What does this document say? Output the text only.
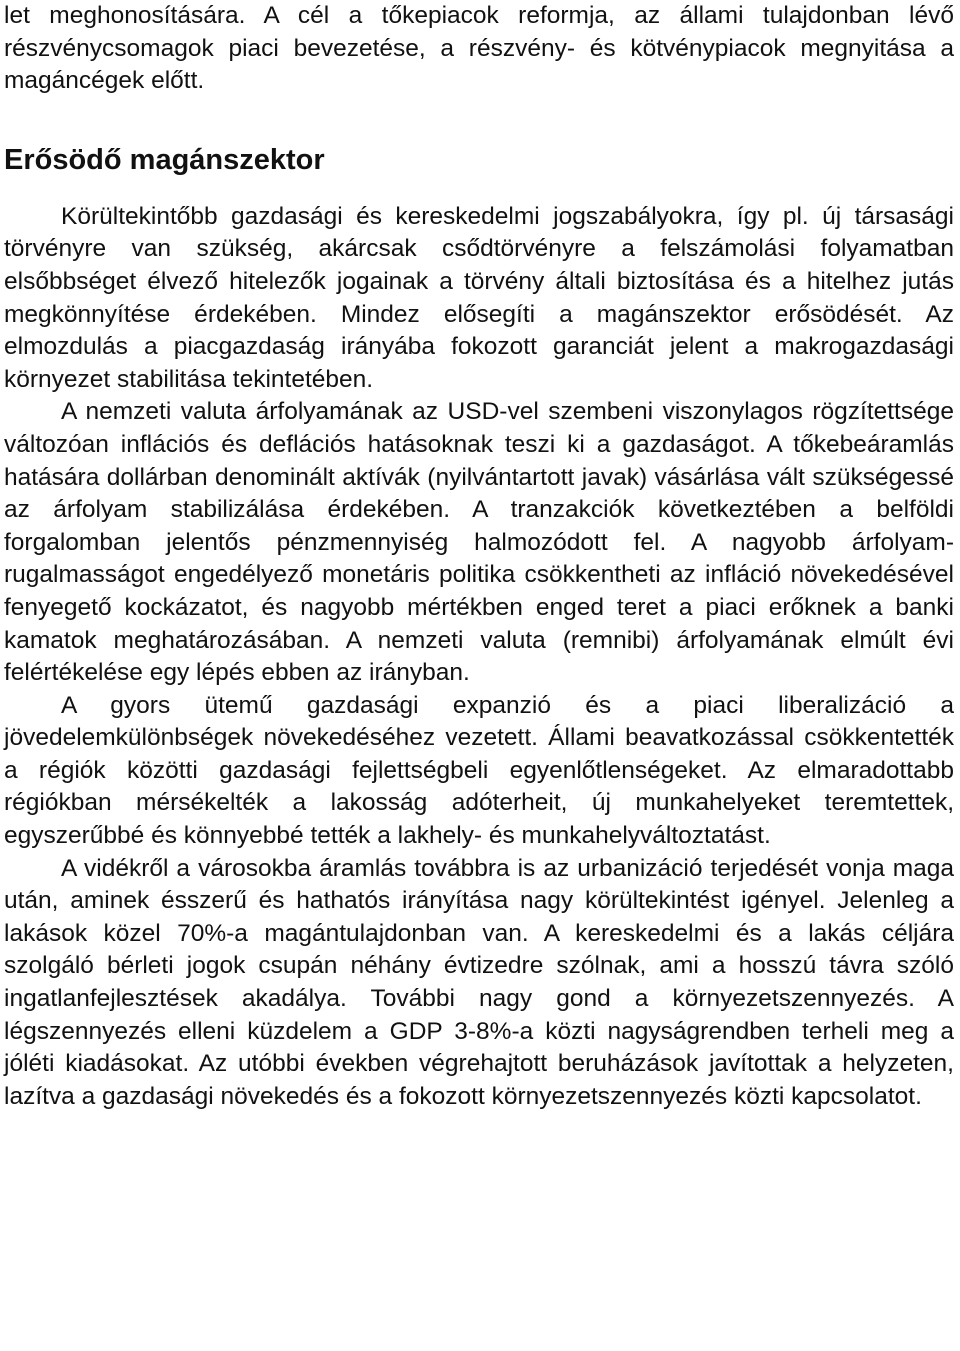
let meghonosítására. A cél a tőkepiacok reformja, az állami tulajdonban lévő részvénycsomagok piaci bevezetése, a részvény- és kötvénypiacok megnyitása a magáncégek előtt.

Erősödő magánszektor

Körültekintőbb gazdasági és kereskedelmi jogszabályokra, így pl. új társasági törvényre van szükség, akárcsak csődtörvényre a felszámolási folyamatban elsőbbséget élvező hitelezők jogainak a törvény általi biztosítása és a hitelhez jutás megkönnyítése érdekében. Mindez elősegíti a magánszektor erősödését. Az elmozdulás a piacgazdaság irányába fokozott garanciát jelent a makrogazdasági környezet stabilitása tekintetében.

A nemzeti valuta árfolyamának az USD-vel szembeni viszonylagos rögzítettsége változóan inflációs és deflációs hatásoknak teszi ki a gazdaságot. A tőkebeáramlás hatására dollárban denominált aktívák (nyilvántartott javak) vásárlása vált szükségessé az árfolyam stabilizálása érdekében. A tranzakciók következtében a belföldi forgalomban jelentős pénzmennyiség halmozódott fel. A nagyobb árfolyam-rugalmasságot engedélyező monetáris politika csökkentheti az infláció növekedésével fenyegető kockázatot, és nagyobb mértékben enged teret a piaci erőknek a banki kamatok meghatározásában. A nemzeti valuta (remnibi) árfolyamának elmúlt évi felértékelése egy lépés ebben az irányban.

A gyors ütemű gazdasági expanzió és a piaci liberalizáció a jövedelemkülönbségek növekedéséhez vezetett. Állami beavatkozással csökkentették a régiók közötti gazdasági fejlettségbeli egyenlőtlenségeket. Az elmaradottabb régiókban mérsékelték a lakosság adóterheit, új munkahelyeket teremtettek, egyszerűbbé és könnyebbé tették a lakhely- és munkahelyváltoztatást.

A vidékről a városokba áramlás továbbra is az urbanizáció terjedését vonja maga után, aminek ésszerű és hathatós irányítása nagy körültekintést igényel. Jelenleg a lakások közel 70%-a magántulajdonban van. A kereskedelmi és a lakás céljára szolgáló bérleti jogok csupán néhány évtizedre szólnak, ami a hosszú távra szóló ingatlanfejlesztések akadálya. További nagy gond a környezetszennyezés. A légszennyezés elleni küzdelem a GDP 3-8%-a közti nagyságrendben terheli meg a jóléti kiadásokat. Az utóbbi években végrehajtott beruházások javítottak a helyzeten, lazítva a gazdasági növekedés és a fokozott környezetszennyezés közti kapcsolatot.
